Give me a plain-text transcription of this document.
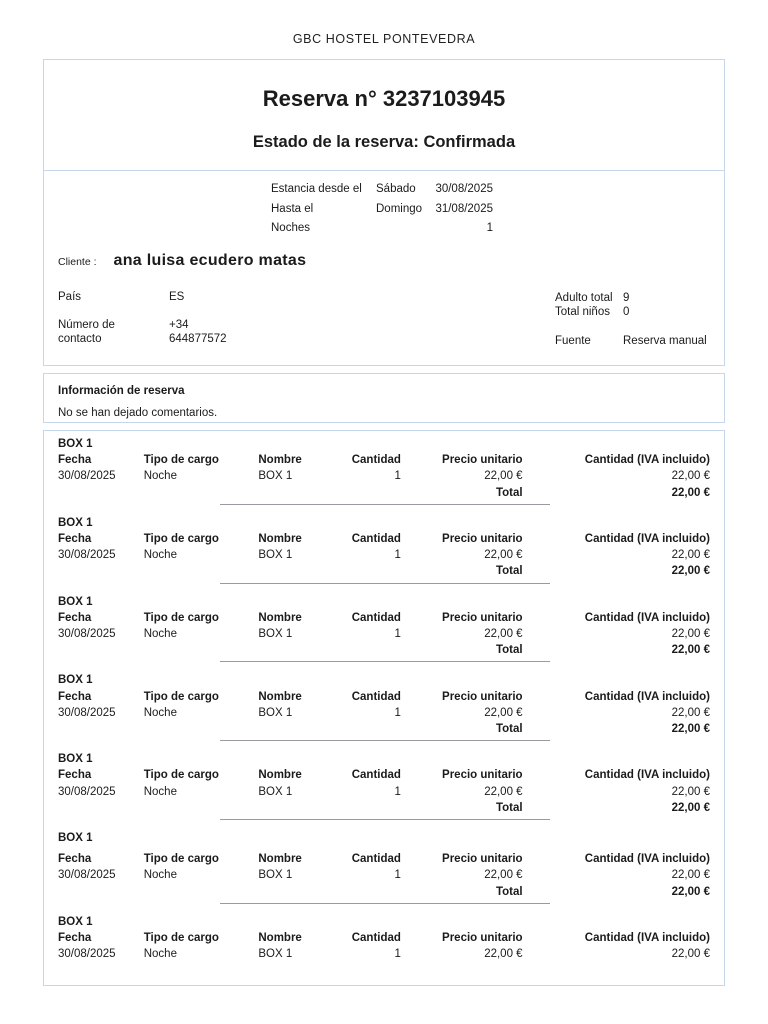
GBC HOSTEL PONTEVEDRA
Reserva n° 3237103945
Estado de la reserva: Confirmada
Estancia desde el	Sábado	30/08/2025
Hasta el	Domingo	31/08/2025
Noches	1
Cliente : ana luisa ecudero matas
País	ES
Número de contacto
+34
644877572
Adulto total 9
Total niños	0
Fuente	Reserva manual
Información de reserva
No se han dejado comentarios.
BOX 1
Fecha	Tipo de cargo	Nombre	Cantidad	Precio unitario	Cantidad (IVA incluido)
30/08/2025	Noche	BOX 1	1	22,00 €	22,00 €
Total	22,00 €
BOX 1
Fecha	Tipo de cargo	Nombre	Cantidad	Precio unitario	Cantidad (IVA incluido)
30/08/2025	Noche	BOX 1	1	22,00 €	22,00 €
Total	22,00 €
BOX 1
Fecha	Tipo de cargo	Nombre	Cantidad	Precio unitario	Cantidad (IVA incluido)
30/08/2025	Noche	BOX 1	1	22,00 €	22,00 €
Total	22,00 €
BOX 1
Fecha	Tipo de cargo	Nombre	Cantidad	Precio unitario	Cantidad (IVA incluido)
30/08/2025	Noche	BOX 1	1	22,00 €	22,00 €
Total	22,00 €
BOX 1
Fecha	Tipo de cargo	Nombre	Cantidad	Precio unitario	Cantidad (IVA incluido)
30/08/2025	Noche	BOX 1	1	22,00 €	22,00 €
Total	22,00 €
BOX 1
Fecha	Tipo de cargo	Nombre	Cantidad	Precio unitario	Cantidad (IVA incluido)
30/08/2025	Noche	BOX 1	1	22,00 €	22,00 €
Total	22,00 €
BOX 1
Fecha	Tipo de cargo	Nombre	Cantidad	Precio unitario	Cantidad (IVA incluido)
30/08/2025	Noche	BOX 1	1	22,00 €	22,00 €
